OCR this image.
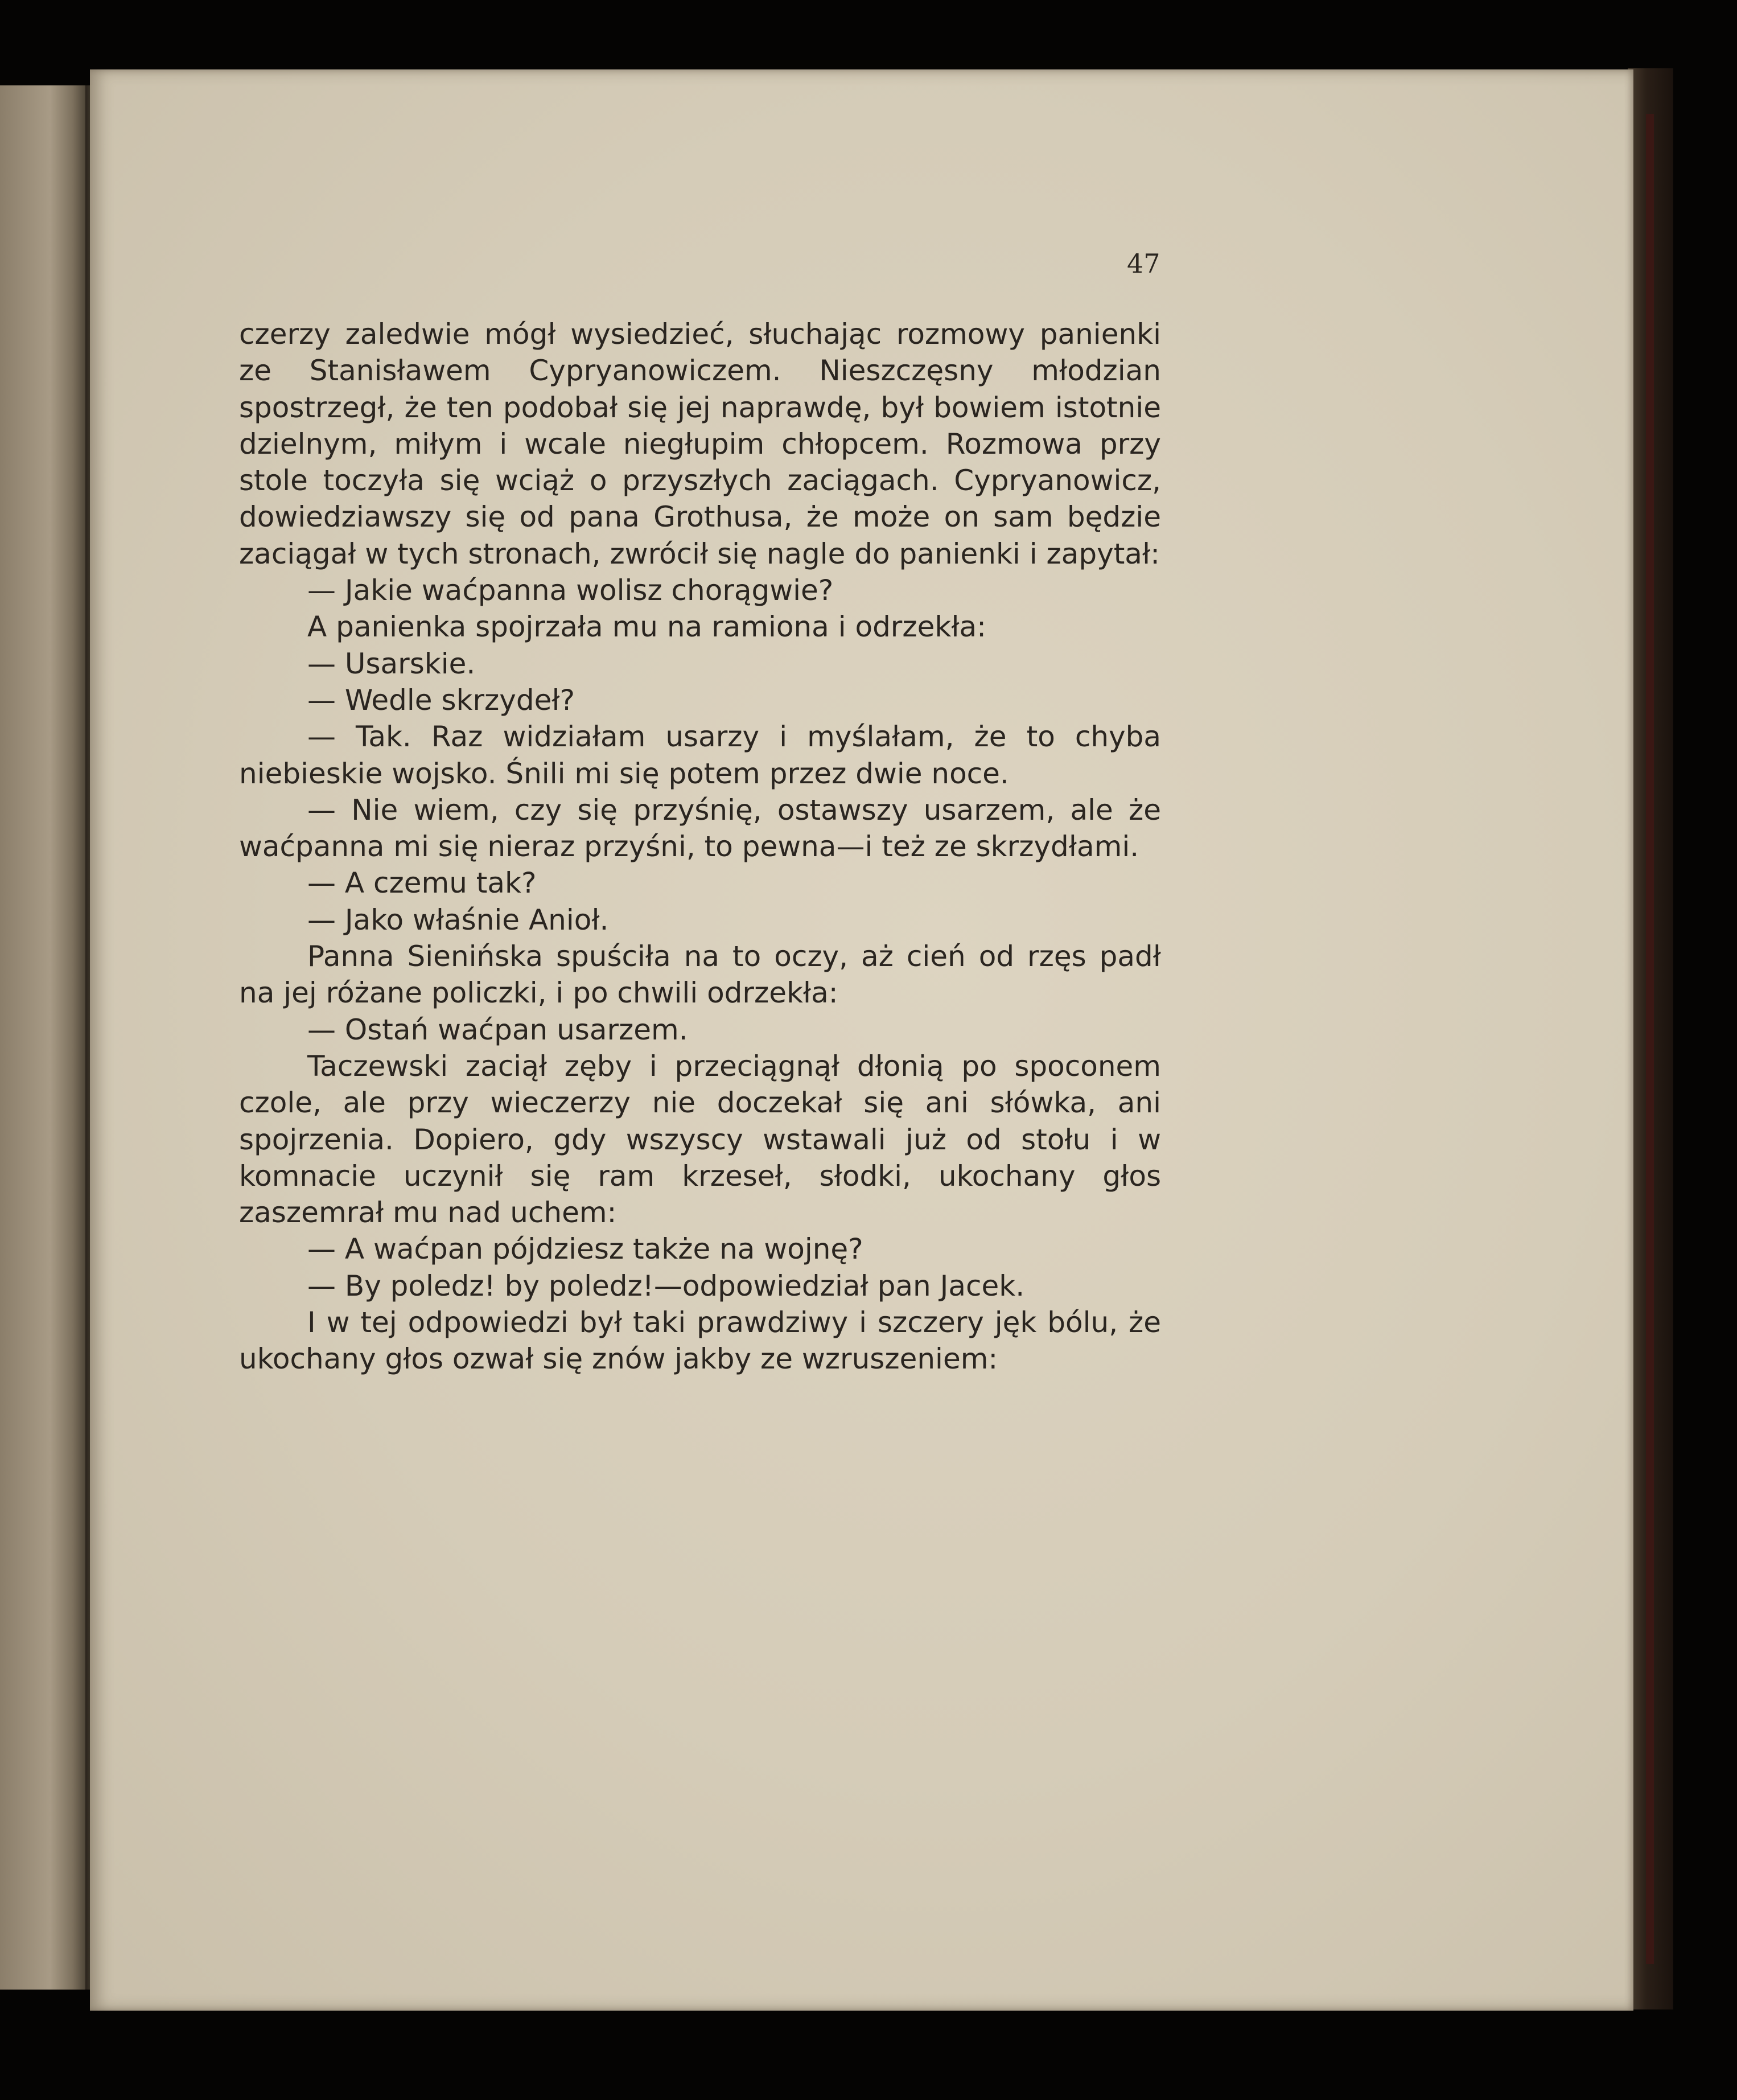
47

czerzy zaledwie mógł wysiedzieć, słuchając rozmowy panienki ze Stanisławem Cypryanowiczem. Nieszczęsny młodzian spostrzegł, że ten podobał się jej naprawdę, był bowiem istotnie dzielnym, miłym i wcale niegłupim chłopcem. Rozmowa przy stole toczyła się wciąż o przyszłych zaciągach. Cypryanowicz, dowiedziawszy się od pana Grothusa, że może on sam będzie zaciągał w tych stronach, zwrócił się nagle do panienki i zapytał:

— Jakie waćpanna wolisz chorągwie?

A panienka spojrzała mu na ramiona i odrzekła:

— Usarskie.

— Wedle skrzydeł?

— Tak. Raz widziałam usarzy i myślałam, że to chyba niebieskie wojsko. Śnili mi się potem przez dwie noce.

— Nie wiem, czy się przyśnię, ostawszy usarzem, ale że waćpanna mi się nieraz przyśni, to pewna—i też ze skrzydłami.

— A czemu tak?

— Jako właśnie Anioł.

Panna Sienińska spuściła na to oczy, aż cień od rzęs padł na jej różane policzki, i po chwili odrzekła:

— Ostań waćpan usarzem.

Taczewski zaciął zęby i przeciągnął dłonią po spoconem czole, ale przy wieczerzy nie doczekał się ani słówka, ani spojrzenia. Dopiero, gdy wszyscy wstawali już od stołu i w komnacie uczynił się ram krzeseł, słodki, ukochany głos zaszemrał mu nad uchem:

— A waćpan pójdziesz także na wojnę?

— By poledz! by poledz!—odpowiedział pan Jacek.

I w tej odpowiedzi był taki prawdziwy i szczery jęk bólu, że ukochany głos ozwał się znów jakby ze wzruszeniem:
